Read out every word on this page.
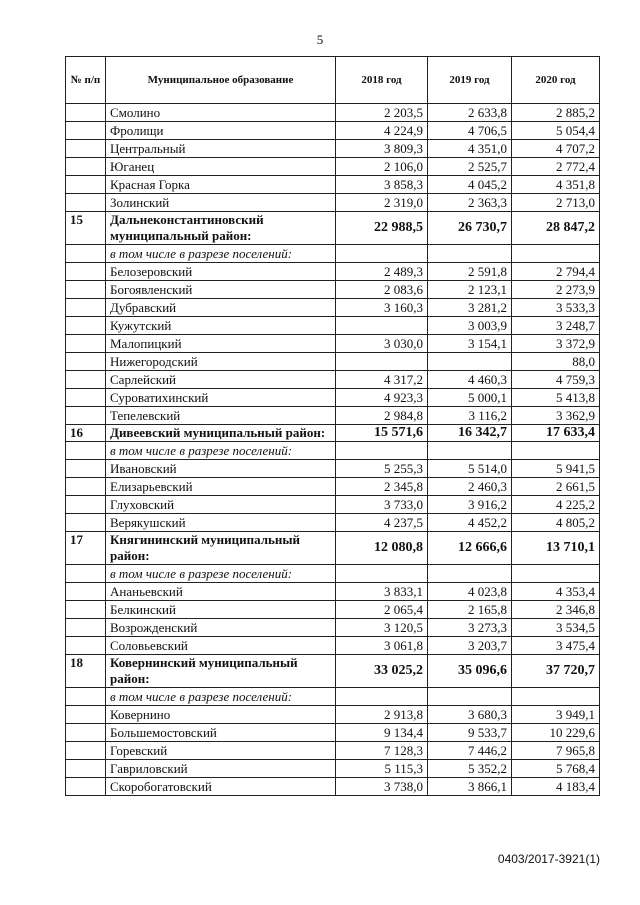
5
№ п/п	Муниципальное образование	2018 год	2019 год	2020 год
	Смолино	2 203,5	2 633,8	2 885,2
	Фролищи	4 224,9	4 706,5	5 054,4
	Центральный	3 809,3	4 351,0	4 707,2
	Юганец	2 106,0	2 525,7	2 772,4
	Красная Горка	3 858,3	4 045,2	4 351,8
	Золинский	2 319,0	2 363,3	2 713,0
15	Дальнеконстантиновский муниципальный район:	22 988,5	26 730,7	28 847,2
	в том числе в разрезе поселений:			
	Белозеровский	2 489,3	2 591,8	2 794,4
	Богоявленский	2 083,6	2 123,1	2 273,9
	Дубравский	3 160,3	3 281,2	3 533,3
	Кужутский		3 003,9	3 248,7
	Малопицкий	3 030,0	3 154,1	3 372,9
	Нижегородский			88,0
	Сарлейский	4 317,2	4 460,3	4 759,3
	Суроватихинский	4 923,3	5 000,1	5 413,8
	Тепелевский	2 984,8	3 116,2	3 362,9
16	Дивеевский муниципальный район:	15 571,6	16 342,7	17 633,4
	в том числе в разрезе поселений:			
	Ивановский	5 255,3	5 514,0	5 941,5
	Елизарьевский	2 345,8	2 460,3	2 661,5
	Глуховский	3 733,0	3 916,2	4 225,2
	Верякушский	4 237,5	4 452,2	4 805,2
17	Княгининский муниципальный район:	12 080,8	12 666,6	13 710,1
	в том числе в разрезе поселений:			
	Ананьевский	3 833,1	4 023,8	4 353,4
	Белкинский	2 065,4	2 165,8	2 346,8
	Возрожденский	3 120,5	3 273,3	3 534,5
	Соловьевский	3 061,8	3 203,7	3 475,4
18	Ковернинский муниципальный район:	33 025,2	35 096,6	37 720,7
	в том числе в разрезе поселений:			
	Ковернино	2 913,8	3 680,3	3 949,1
	Большемостовский	9 134,4	9 533,7	10 229,6
	Горевский	7 128,3	7 446,2	7 965,8
	Гавриловский	5 115,3	5 352,2	5 768,4
	Скоробогатовский	3 738,0	3 866,1	4 183,4
0403/2017-3921(1)
